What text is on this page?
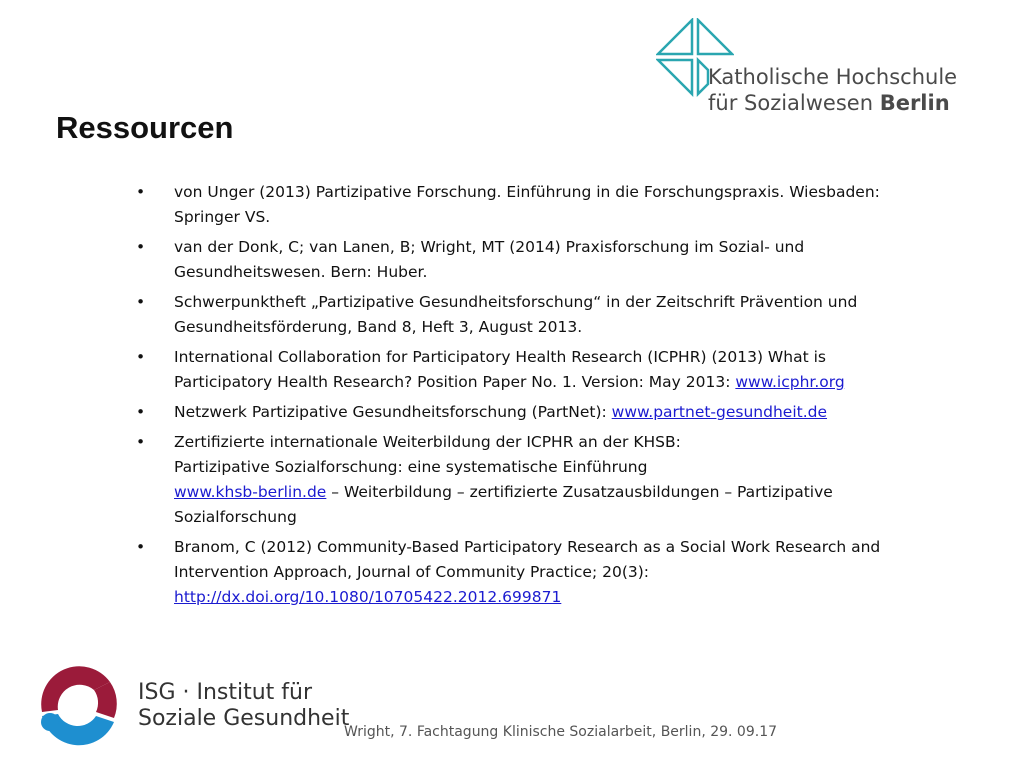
Katholische Hochschule
für Sozialwesen Berlin
Ressourcen
• von Unger (2013) Partizipative Forschung. Einführung in die Forschungspraxis. Wiesbaden: Springer VS.
• van der Donk, C; van Lanen, B; Wright, MT (2014) Praxisforschung im Sozial- und Gesundheitswesen. Bern: Huber.
• Schwerpunktheft „Partizipative Gesundheitsforschung“ in der Zeitschrift Prävention und Gesundheitsförderung, Band 8, Heft 3, August 2013.
• International Collaboration for Participatory Health Research (ICPHR) (2013) What is Participatory Health Research? Position Paper No. 1. Version: May 2013: www.icphr.org
• Netzwerk Partizipative Gesundheitsforschung (PartNet): www.partnet-gesundheit.de
• Zertifizierte internationale Weiterbildung der ICPHR an der KHSB:
Partizipative Sozialforschung: eine systematische Einführung
www.khsb-berlin.de – Weiterbildung – zertifizierte Zusatzausbildungen – Partizipative Sozialforschung
• Branom, C (2012) Community-Based Participatory Research as a Social Work Research and Intervention Approach, Journal of Community Practice; 20(3): http://dx.doi.org/10.1080/10705422.2012.699871
ISG · Institut für
Soziale Gesundheit
Wright, 7. Fachtagung Klinische Sozialarbeit, Berlin, 29. 09.17
